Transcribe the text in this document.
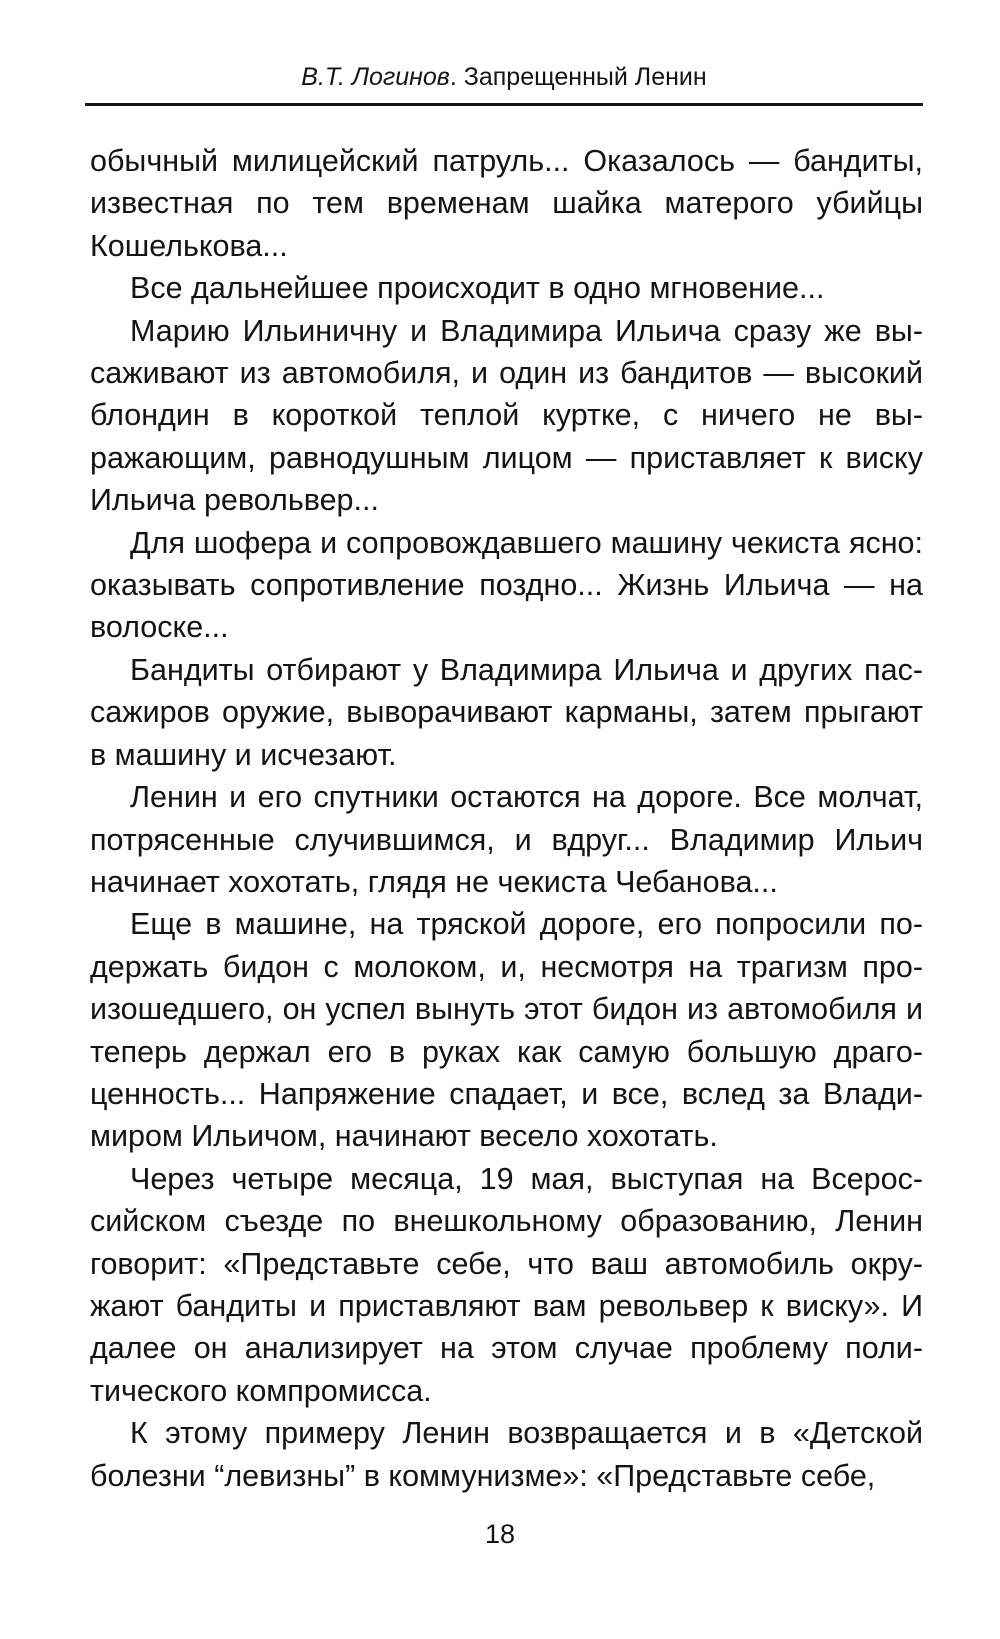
В.Т. Логинов. Запрещенный Ленин

обычный милицейский патруль... Оказалось — бандиты, известная по тем временам шайка матерого убийцы Кошелькова...

Все дальнейшее происходит в одно мгновение...

Марию Ильиничну и Владимира Ильича сразу же высаживают из автомобиля, и один из бандитов — высокий блондин в короткой теплой куртке, с ничего не выражающим, равнодушным лицом — приставляет к виску Ильича револьвер...

Для шофера и сопровождавшего машину чекиста ясно: оказывать сопротивление поздно... Жизнь Ильича — на волоске...

Бандиты отбирают у Владимира Ильича и других пассажиров оружие, выворачивают карманы, затем прыгают в машину и исчезают.

Ленин и его спутники остаются на дороге. Все молчат, потрясенные случившимся, и вдруг... Владимир Ильич начинает хохотать, глядя не чекиста Чебанова...

Еще в машине, на тряской дороге, его попросили подержать бидон с молоком, и, несмотря на трагизм произошедшего, он успел вынуть этот бидон из автомобиля и теперь держал его в руках как самую большую драгоценность... Напряжение спадает, и все, вслед за Владимиром Ильичом, начинают весело хохотать.

Через четыре месяца, 19 мая, выступая на Всероссийском съезде по внешкольному образованию, Ленин говорит: «Представьте себе, что ваш автомобиль окружают бандиты и приставляют вам револьвер к виску». И далее он анализирует на этом случае проблему политического компромисса.

К этому примеру Ленин возвращается и в «Детской болезни “левизны” в коммунизме»: «Представьте себе,

18
